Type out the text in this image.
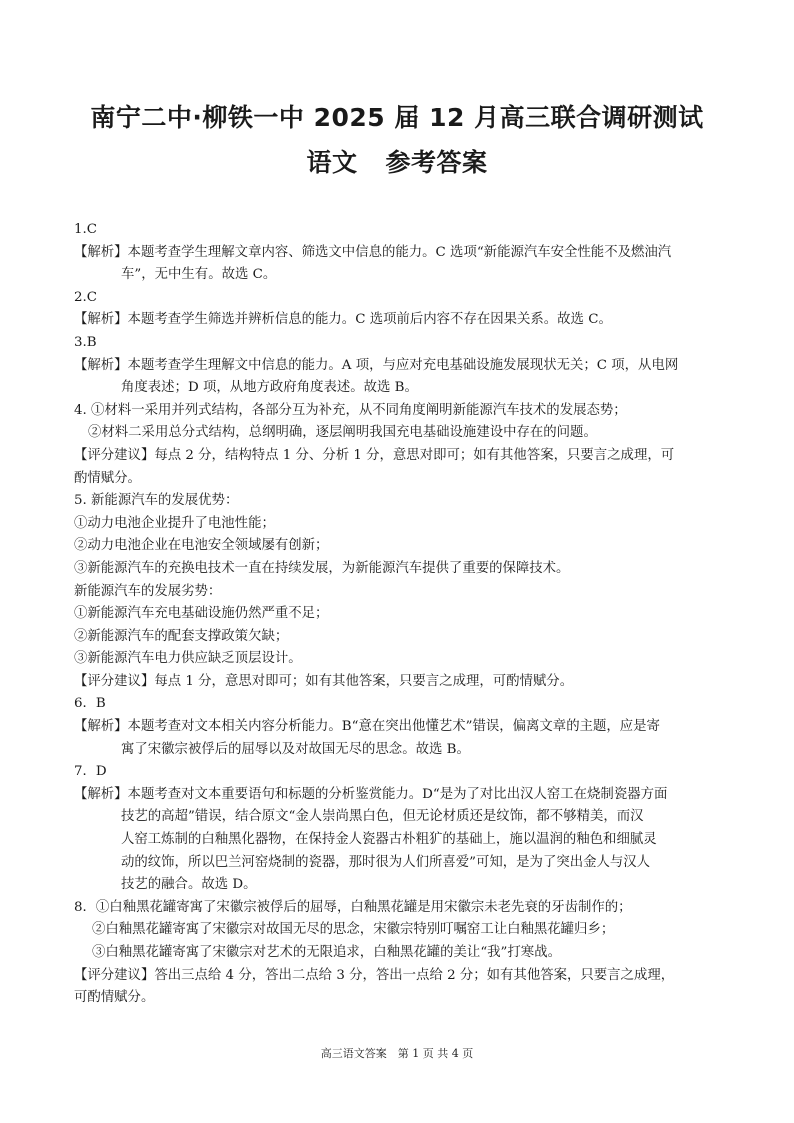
南宁二中·柳铁一中 2025 届 12 月高三联合调研测试
语文 参考答案
1.C
【解析】本题考查学生理解文章内容、筛选文中信息的能力。C 选项“新能源汽车安全性能不及燃油汽
车”，无中生有。故选 C。
2.C
【解析】本题考查学生筛选并辨析信息的能力。C 选项前后内容不存在因果关系。故选 C。
3.B
【解析】本题考查学生理解文中信息的能力。A 项，与应对充电基础设施发展现状无关；C 项，从电网
角度表述；D 项，从地方政府角度表述。故选 B。
4. ①材料一采用并列式结构，各部分互为补充，从不同角度阐明新能源汽车技术的发展态势；
②材料二采用总分式结构，总纲明确，逐层阐明我国充电基础设施建设中存在的问题。
【评分建议】每点 2 分，结构特点 1 分、分析 1 分，意思对即可；如有其他答案，只要言之成理，可
酌情赋分。
5. 新能源汽车的发展优势：
①动力电池企业提升了电池性能；
②动力电池企业在电池安全领域屡有创新；
③新能源汽车的充换电技术一直在持续发展，为新能源汽车提供了重要的保障技术。
新能源汽车的发展劣势：
①新能源汽车充电基础设施仍然严重不足；
②新能源汽车的配套支撑政策欠缺；
③新能源汽车电力供应缺乏顶层设计。
【评分建议】每点 1 分，意思对即可；如有其他答案，只要言之成理，可酌情赋分。
6．B
【解析】本题考查对文本相关内容分析能力。B“意在突出他懂艺术”错误，偏离文章的主题，应是寄
寓了宋徽宗被俘后的屈辱以及对故国无尽的思念。故选 B。
7．D
【解析】本题考查对文本重要语句和标题的分析鉴赏能力。D“是为了对比出汉人窑工在烧制瓷器方面
技艺的高超”错误，结合原文“金人崇尚黑白色，但无论材质还是纹饰，都不够精美，而汉
人窑工炼制的白釉黑化器物，在保持金人瓷器古朴粗犷的基础上，施以温润的釉色和细腻灵
动的纹饰，所以巴兰河窑烧制的瓷器，那时很为人们所喜爱”可知，是为了突出金人与汉人
技艺的融合。故选 D。
8．①白釉黑花罐寄寓了宋徽宗被俘后的屈辱，白釉黑花罐是用宋徽宗未老先衰的牙齿制作的；
②白釉黑花罐寄寓了宋徽宗对故国无尽的思念，宋徽宗特别叮嘱窑工让白釉黑花罐归乡；
③白釉黑花罐寄寓了宋徽宗对艺术的无限追求，白釉黑花罐的美让“我”打寒战。
【评分建议】答出三点给 4 分，答出二点给 3 分，答出一点给 2 分；如有其他答案，只要言之成理，
可酌情赋分。
高三语文答案　第 1 页 共 4 页
